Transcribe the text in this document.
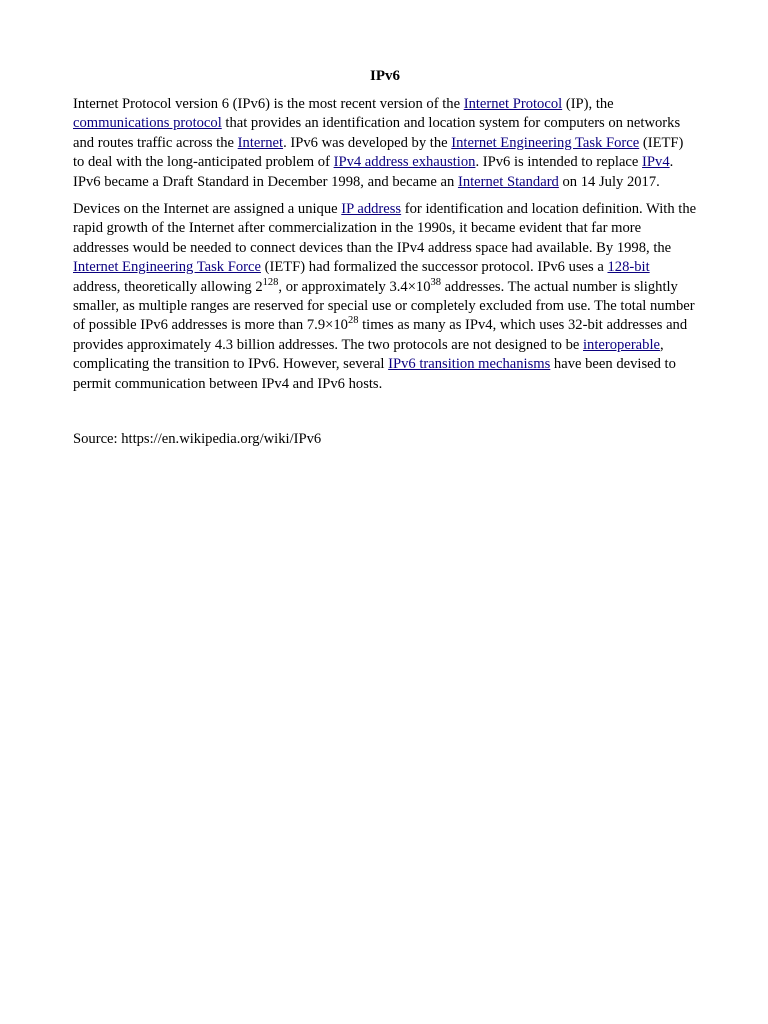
IPv6

Internet Protocol version 6 (IPv6) is the most recent version of the Internet Protocol (IP), the communications protocol that provides an identification and location system for computers on networks and routes traffic across the Internet. IPv6 was developed by the Internet Engineering Task Force (IETF) to deal with the long-anticipated problem of IPv4 address exhaustion. IPv6 is intended to replace IPv4. IPv6 became a Draft Standard in December 1998, and became an Internet Standard on 14 July 2017.

Devices on the Internet are assigned a unique IP address for identification and location definition. With the rapid growth of the Internet after commercialization in the 1990s, it became evident that far more addresses would be needed to connect devices than the IPv4 address space had available. By 1998, the Internet Engineering Task Force (IETF) had formalized the successor protocol. IPv6 uses a 128-bit address, theoretically allowing $2^{128}$, or approximately $3.4\times 10^{38}$ addresses. The actual number is slightly smaller, as multiple ranges are reserved for special use or completely excluded from use. The total number of possible IPv6 addresses is more than $7.9\times 10^{28}$ times as many as IPv4, which uses 32-bit addresses and provides approximately 4.3 billion addresses. The two protocols are not designed to be interoperable, complicating the transition to IPv6. However, several IPv6 transition mechanisms have been devised to permit communication between IPv4 and IPv6 hosts.

Source: https://en.wikipedia.org/wiki/IPv6
